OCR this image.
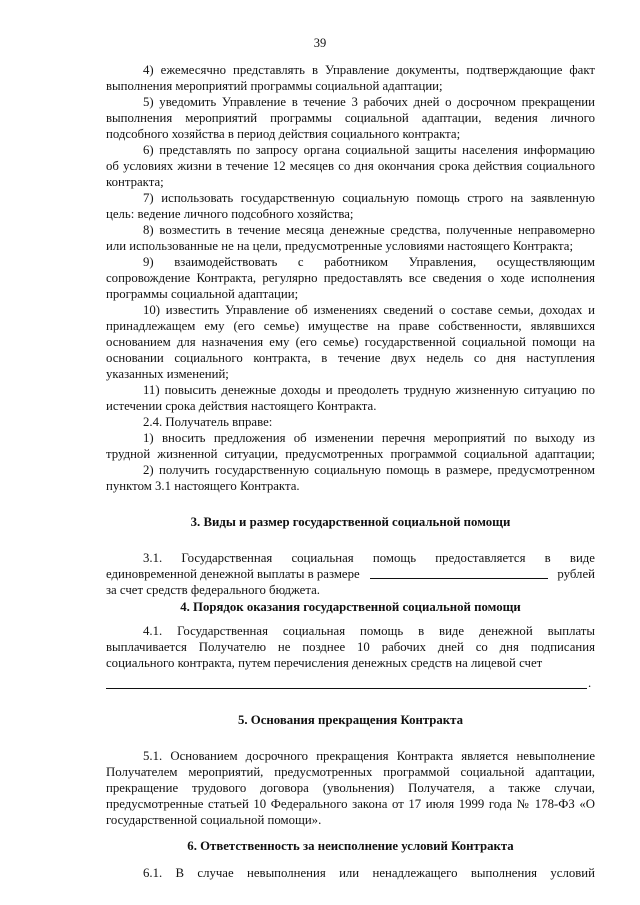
39
4) ежемесячно представлять в Управление документы, подтверждающие факт
выполнения мероприятий программы социальной адаптации;
5) уведомить Управление в течение 3 рабочих дней о досрочном прекращении
выполнения мероприятий программы социальной адаптации, ведения личного
подсобного хозяйства в период действия социального контракта;
6) представлять по запросу органа социальной защиты населения информацию
об условиях жизни в течение 12 месяцев со дня окончания срока действия социального
контракта;
7) использовать государственную социальную помощь строго на заявленную
цель: ведение личного подсобного хозяйства;
8) возместить в течение месяца денежные средства, полученные неправомерно
или использованные не на цели, предусмотренные условиями настоящего Контракта;
9) взаимодействовать с работником Управления, осуществляющим
сопровождение Контракта, регулярно предоставлять все сведения о ходе исполнения
программы социальной адаптации;
10) известить Управление об изменениях сведений о составе семьи, доходах и
принадлежащем ему (его семье) имуществе на праве собственности, являвшихся
основанием для назначения ему (его семье) государственной социальной помощи на
основании социального контракта, в течение двух недель со дня наступления
указанных изменений;
11) повысить денежные доходы и преодолеть трудную жизненную ситуацию по
истечении срока действия настоящего Контракта.
2.4. Получатель вправе:
1) вносить предложения об изменении перечня мероприятий по выходу из
трудной жизненной ситуации, предусмотренных программой социальной адаптации;
2) получить государственную социальную помощь в размере, предусмотренном
пунктом 3.1 настоящего Контракта.
3. Виды и размер государственной социальной помощи
3.1. Государственная социальная помощь предоставляется в виде
единовременной денежной выплаты в размере	рублей
за счет средств федерального бюджета.
4. Порядок оказания государственной социальной помощи
4.1. Государственная социальная помощь в виде денежной выплаты
выплачивается Получателю не позднее 10 рабочих дней со дня подписания
социального контракта, путем перечисления денежных средств на лицевой счет
.
5. Основания прекращения Контракта
5.1. Основанием досрочного прекращения Контракта является невыполнение
Получателем мероприятий, предусмотренных программой социальной адаптации,
прекращение трудового договора (увольнения) Получателя, а также случаи,
предусмотренные статьей 10 Федерального закона от 17 июля 1999 года № 178-ФЗ «О
государственной социальной помощи».
6. Ответственность за неисполнение условий Контракта
6.1. В случае невыполнения или ненадлежащего выполнения условий
